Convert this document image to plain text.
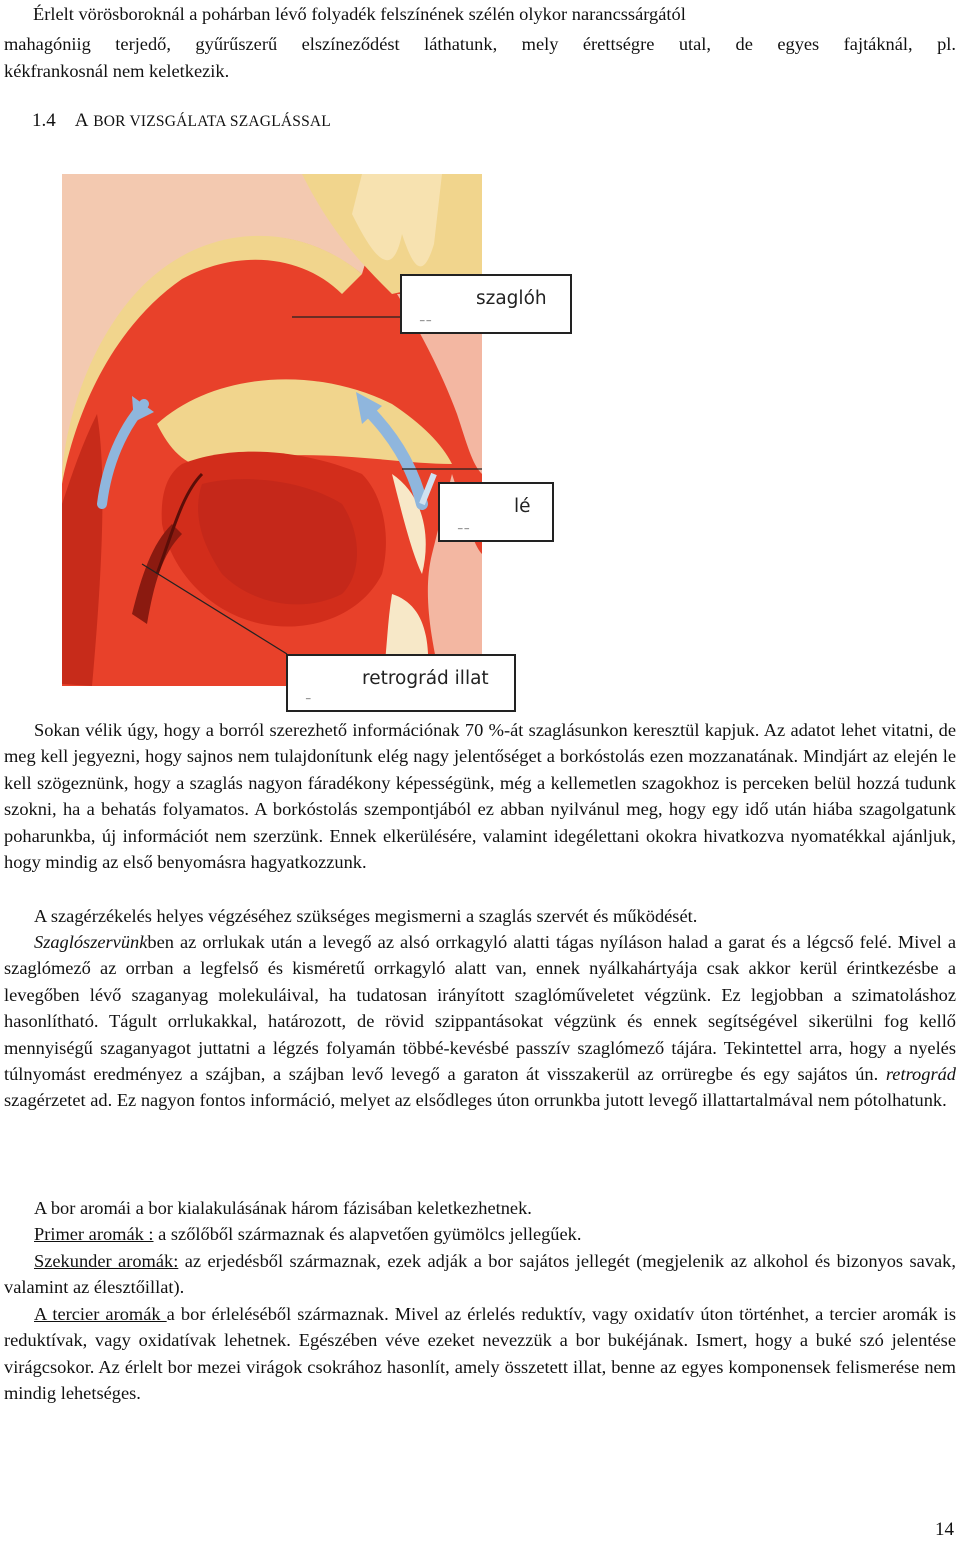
Érlelt vörösboroknál a pohárban lévő folyadék felszínének szélén olykor narancssárgától
mahagóniig terjedő, gyűrűszerű elszíneződést láthatunk, mely érettségre utal, de egyes fajtáknál, pl.
kékfrankosnál nem keletkezik.
1.4 A BOR VIZSGÁLATA SZAGLÁSSAL
szaglóh
‾‾
lé
‾‾
retrográd illat
‾

Sokan vélik úgy, hogy a borról szerezhető információnak 70 %-át szaglásunkon keresztül kapjuk. Az adatot lehet vitatni, de meg kell jegyezni, hogy sajnos nem tulajdonítunk elég nagy jelentőséget a borkóstolás ezen mozzanatának. Mindjárt az elején le kell szögeznünk, hogy a szaglás nagyon fáradékony képességünk, még a kellemetlen szagokhoz is perceken belül hozzá tudunk szokni, ha a behatás folyamatos. A borkóstolás szempontjából ez abban nyilvánul meg, hogy egy idő után hiába szagolgatunk poharunkba, új információt nem szerzünk. Ennek elkerülésére, valamint idegélettani okokra hivatkozva nyomatékkal ajánljuk, hogy mindig az első benyomásra hagyatkozzunk.

A szagérzékelés helyes végzéséhez szükséges megismerni a szaglás szervét és működését.

Szaglószervünkben az orrlukak után a levegő az alsó orrkagyló alatti tágas nyíláson halad a garat és a légcső felé. Mivel a szaglómező az orrban a legfelső és kisméretű orrkagyló alatt van, ennek nyálkahártyája csak akkor kerül érintkezésbe a levegőben lévő szaganyag molekuláival, ha tudatosan irányított szaglóműveletet végzünk. Ez legjobban a szimatoláshoz hasonlítható. Tágult orrlukakkal, határozott, de rövid szippantásokat végzünk és ennek segítségével sikerülni fog kellő mennyiségű szaganyagot juttatni a légzés folyamán többé-kevésbé passzív szaglómező tájára. Tekintettel arra, hogy a nyelés túlnyomást eredményez a szájban, a szájban levő levegő a garaton át visszakerül az orrüregbe és egy sajátos ún. retrográd szagérzetet ad. Ez nagyon fontos információ, melyet az elsődleges úton orrunkba jutott levegő illattartalmával nem pótolhatunk.

A bor aromái a bor kialakulásának három fázisában keletkezhetnek.

Primer aromák : a szőlőből származnak és alapvetően gyümölcs jellegűek.

Szekunder aromák: az erjedésből származnak, ezek adják a bor sajátos jellegét (megjelenik az alkohol és bizonyos savak, valamint az élesztőillat).

A tercier aromák a bor érleléséből származnak. Mivel az érlelés reduktív, vagy oxidatív úton történhet, a tercier aromák is reduktívak, vagy oxidatívak lehetnek. Egészében véve ezeket nevezzük a bor bukéjának. Ismert, hogy a buké szó jelentése virágcsokor. Az érlelt bor mezei virágok csokrához hasonlít, amely összetett illat, benne az egyes komponensek felismerése nem mindig lehetséges.

14
